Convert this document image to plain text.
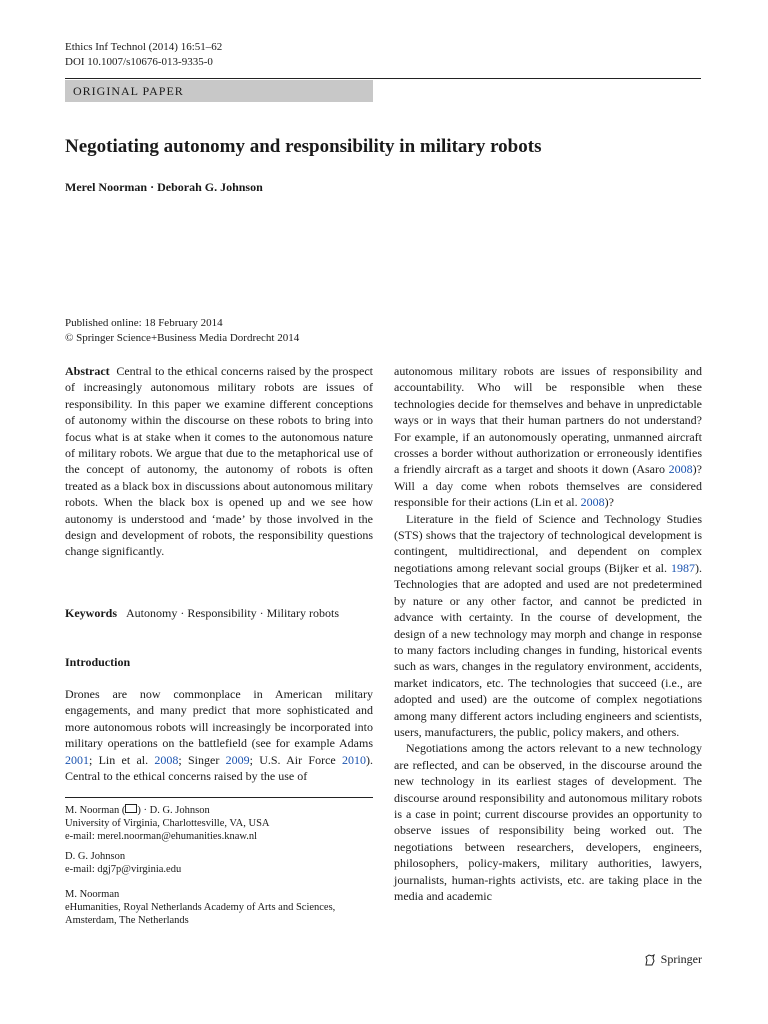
Ethics Inf Technol (2014) 16:51–62
DOI 10.1007/s10676-013-9335-0
ORIGINAL PAPER
Negotiating autonomy and responsibility in military robots
Merel Noorman · Deborah G. Johnson
Published online: 18 February 2014
© Springer Science+Business Media Dordrecht 2014

Abstract Central to the ethical concerns raised by the prospect of increasingly autonomous military robots are issues of responsibility. In this paper we examine different conceptions of autonomy within the discourse on these robots to bring into focus what is at stake when it comes to the autonomous nature of military robots. We argue that due to the metaphorical use of the concept of autonomy, the autonomy of robots is often treated as a black box in discussions about autonomous military robots. When the black box is opened up and we see how autonomy is understood and ‘made’ by those involved in the design and development of robots, the responsibility questions change significantly.

Keywords Autonomy · Responsibility · Military robots

Introduction

Drones are now commonplace in American military engagements, and many predict that more sophisticated and more autonomous robots will increasingly be incorporated into military operations on the battlefield (see for example Adams 2001; Lin et al. 2008; Singer 2009; U.S. Air Force 2010). Central to the ethical concerns raised by the use of

M. Noorman ( ) · D. G. Johnson
University of Virginia, Charlottesville, VA, USA
e-mail: merel.noorman@ehumanities.knaw.nl
D. G. Johnson
e-mail: dgj7p@virginia.edu
M. Noorman
eHumanities, Royal Netherlands Academy of Arts and Sciences,
Amsterdam, The Netherlands

autonomous military robots are issues of responsibility and accountability. Who will be responsible when these technologies decide for themselves and behave in unpredictable ways or in ways that their human partners do not understand? For example, if an autonomously operating, unmanned aircraft crosses a border without authorization or erroneously identifies a friendly aircraft as a target and shoots it down (Asaro 2008)? Will a day come when robots themselves are considered responsible for their actions (Lin et al. 2008)?

Literature in the field of Science and Technology Studies (STS) shows that the trajectory of technological development is contingent, multidirectional, and dependent on complex negotiations among relevant social groups (Bijker et al. 1987). Technologies that are adopted and used are not predetermined by nature or any other factor, and cannot be predicted in advance with certainty. In the course of development, the design of a new technology may morph and change in response to many factors including changes in funding, historical events such as wars, changes in the regulatory environment, accidents, market indicators, etc. The technologies that succeed (i.e., are adopted and used) are the outcome of complex negotiations among many different actors including engineers and scientists, users, manufacturers, the public, policy makers, and others.

Negotiations among the actors relevant to a new technology are reflected, and can be observed, in the discourse around the new technology in its earliest stages of development. The discourse around responsibility and autonomous military robots is a case in point; current discourse provides an opportunity to observe issues of responsibility being worked out. The negotiations between researchers, developers, engineers, philosophers, policy-makers, military authorities, lawyers, journalists, human-rights activists, etc. are taking place in the media and academic

Springer
